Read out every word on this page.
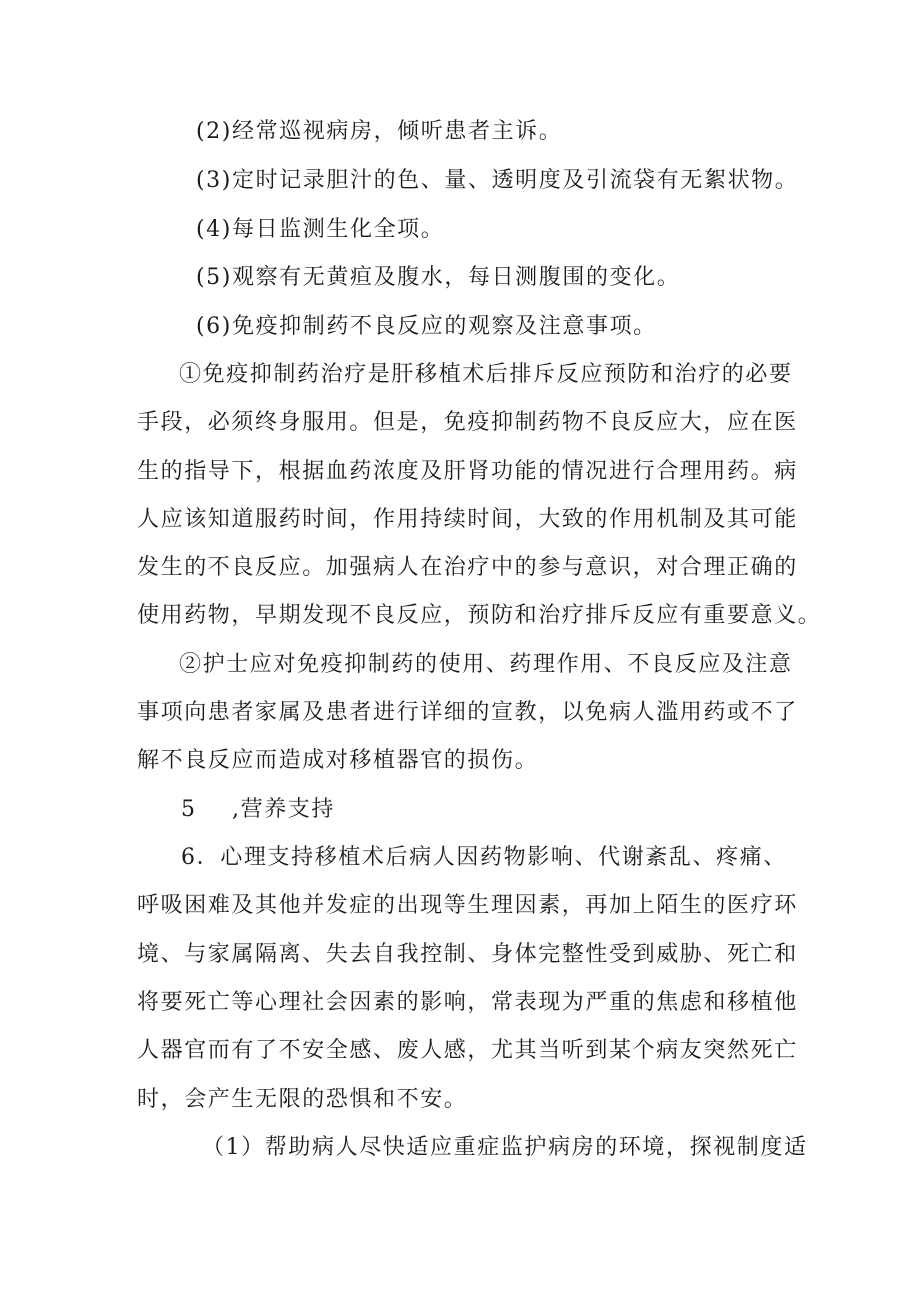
(2)经常巡视病房，倾听患者主诉。
(3)定时记录胆汁的色、量、透明度及引流袋有无絮状物。
(4)每日监测生化全项。
(5)观察有无黄疸及腹水，每日测腹围的变化。
(6)免疫抑制药不良反应的观察及注意事项。
①免疫抑制药治疗是肝移植术后排斥反应预防和治疗的必要
手段，必须终身服用。但是，免疫抑制药物不良反应大，应在医
生的指导下，根据血药浓度及肝肾功能的情况进行合理用药。病
人应该知道服药时间，作用持续时间，大致的作用机制及其可能
发生的不良反应。加强病人在治疗中的参与意识，对合理正确的
使用药物，早期发现不良反应，预防和治疗排斥反应有重要意义。
②护士应对免疫抑制药的使用、药理作用、不良反应及注意
事项向患者家属及患者进行详细的宣教，以免病人滥用药或不了
解不良反应而造成对移植器官的损伤。
5 ,营养支持
6．心理支持移植术后病人因药物影响、代谢紊乱、疼痛、
呼吸困难及其他并发症的出现等生理因素，再加上陌生的医疗环
境、与家属隔离、失去自我控制、身体完整性受到威胁、死亡和
将要死亡等心理社会因素的影响，常表现为严重的焦虑和移植他
人器官而有了不安全感、废人感，尤其当听到某个病友突然死亡
时，会产生无限的恐惧和不安。
（1）帮助病人尽快适应重症监护病房的环境，探视制度适
